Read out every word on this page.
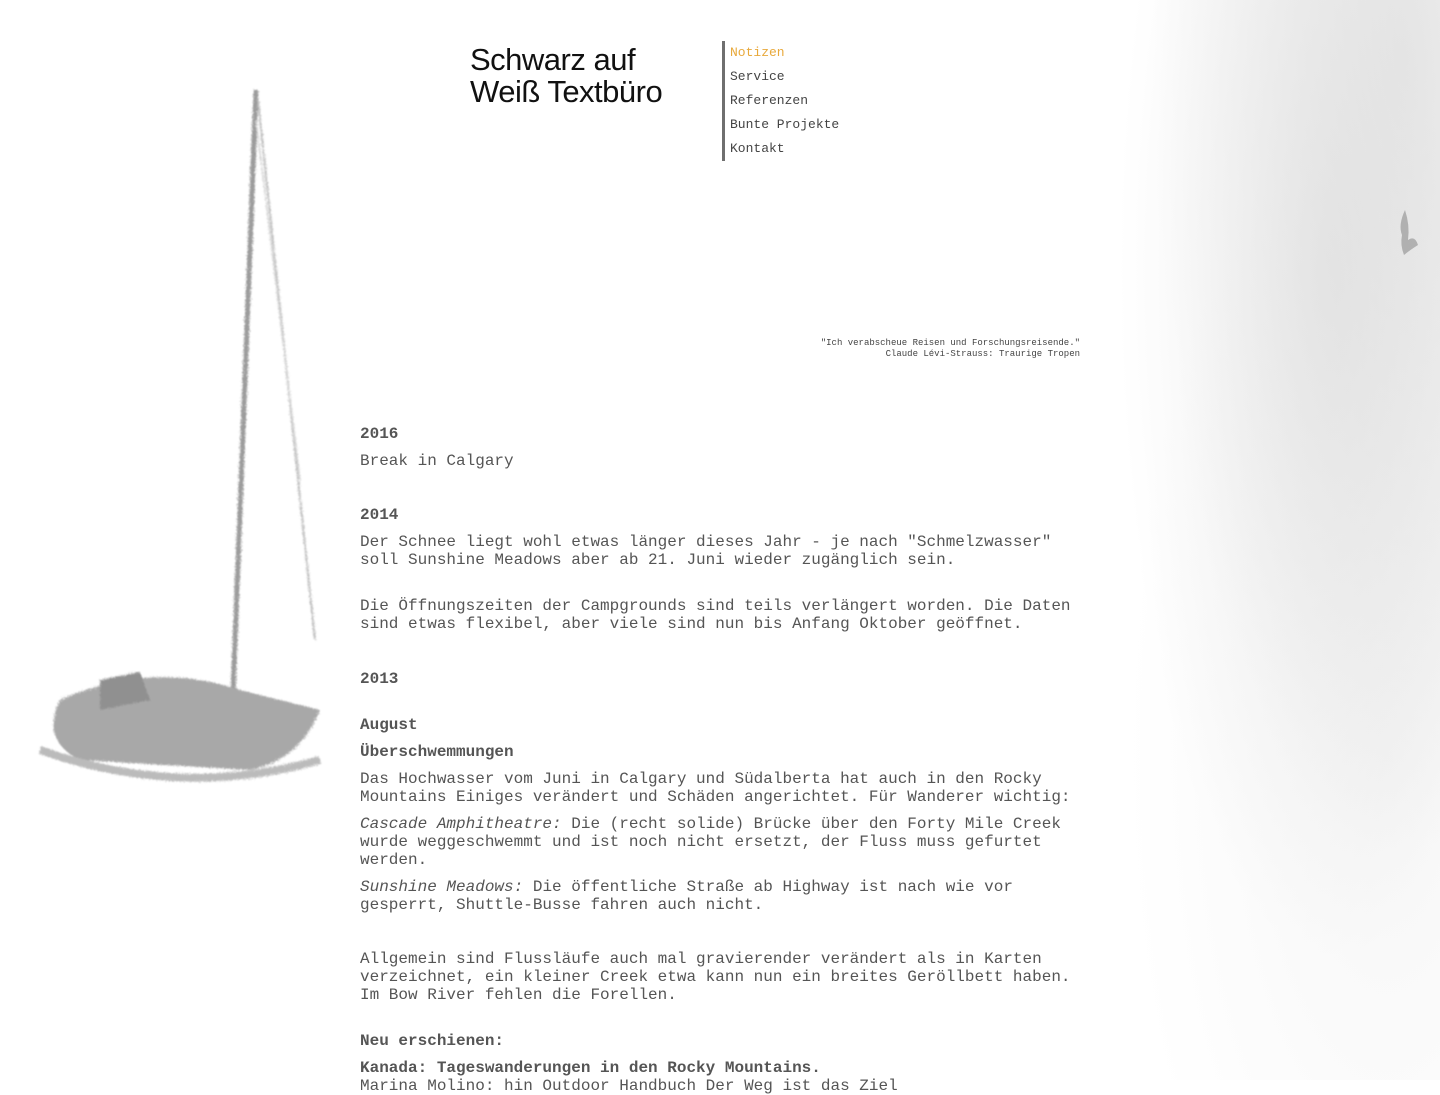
Schwarz auf
Weiß Textbüro
Notizen
Service
Referenzen
Bunte Projekte
Kontakt
"Ich verabscheue Reisen und Forschungsreisende."
Claude Lévi-Strauss: Traurige Tropen

2016

Break in Calgary

2014

Der Schnee liegt wohl etwas länger dieses Jahr - je nach "Schmelzwasser" soll Sunshine Meadows aber ab 21. Juni wieder zugänglich sein.

Die Öffnungszeiten der Campgrounds sind teils verlängert worden. Die Daten sind etwas flexibel, aber viele sind nun bis Anfang Oktober geöffnet.

2013

August

Überschwemmungen

Das Hochwasser vom Juni in Calgary und Südalberta hat auch in den Rocky Mountains Einiges verändert und Schäden angerichtet. Für Wanderer wichtig:

Cascade Amphitheatre: Die (recht solide) Brücke über den Forty Mile Creek wurde weggeschwemmt und ist noch nicht ersetzt, der Fluss muss gefurtet werden.

Sunshine Meadows: Die öffentliche Straße ab Highway ist nach wie vor gesperrt, Shuttle-Busse fahren auch nicht.

Allgemein sind Flussläufe auch mal gravierender verändert als in Karten verzeichnet, ein kleiner Creek etwa kann nun ein breites Geröllbett haben. Im Bow River fehlen die Forellen.

Neu erschienen:

Kanada: Tageswanderungen in den Rocky Mountains.

Marina Molino: hin Outdoor Handbuch Der Weg ist das Ziel
